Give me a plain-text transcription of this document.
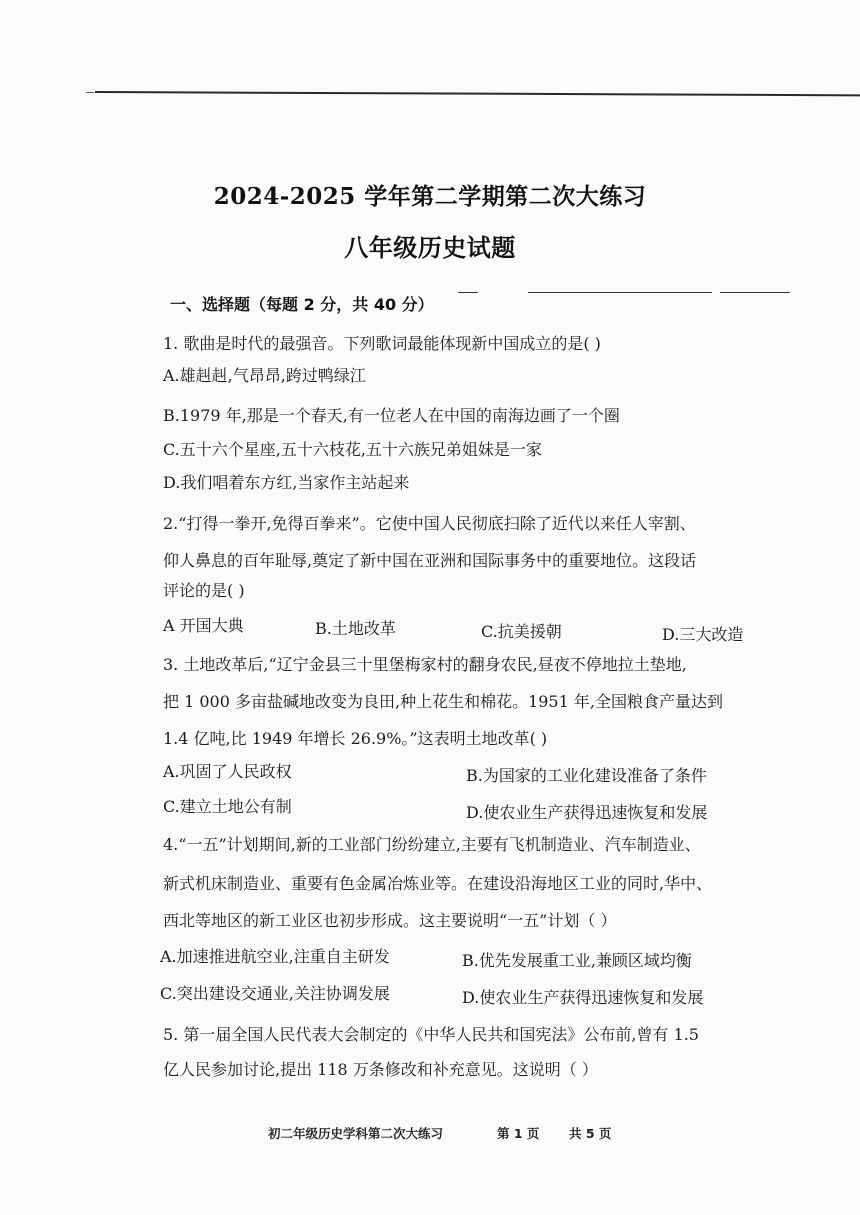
2024-2025 学年第二学期第二次大练习
八年级历史试题
一、选择题（每题 2 分，共 40 分）
1. 歌曲是时代的最强音。下列歌词最能体现新中国成立的是( )
A.雄赳赳,气昂昂,跨过鸭绿江
B.1979 年,那是一个春天,有一位老人在中国的南海边画了一个圈
C.五十六个星座,五十六枝花,五十六族兄弟姐妹是一家
D.我们唱着东方红,当家作主站起来
2.“打得一拳开,免得百拳来”。它使中国人民彻底扫除了近代以来任人宰割、
仰人鼻息的百年耻辱,奠定了新中国在亚洲和国际事务中的重要地位。这段话
评论的是( )
A 开国大典	B.土地改革	C.抗美援朝	D.三大改造
3. 土地改革后,“辽宁金县三十里堡梅家村的翻身农民,昼夜不停地拉土垫地,
把 1 000 多亩盐碱地改变为良田,种上花生和棉花。1951 年,全国粮食产量达到
1.4 亿吨,比 1949 年增长 26.9%。”这表明土地改革( )
A.巩固了人民政权	B.为国家的工业化建设准备了条件
C.建立土地公有制	D.使农业生产获得迅速恢复和发展
4.“一五”计划期间,新的工业部门纷纷建立,主要有飞机制造业、汽车制造业、
新式机床制造业、重要有色金属冶炼业等。在建设沿海地区工业的同时,华中、
西北等地区的新工业区也初步形成。这主要说明“一五”计划（ ）
A.加速推进航空业,注重自主研发	B.优先发展重工业,兼顾区域均衡
C.突出建设交通业,关注协调发展	D.使农业生产获得迅速恢复和发展
5. 第一届全国人民代表大会制定的《中华人民共和国宪法》公布前,曾有 1.5
亿人民参加讨论,提出 118 万条修改和补充意见。这说明（ ）
初二年级历史学科第二次大练习	第 1 页 共 5 页
